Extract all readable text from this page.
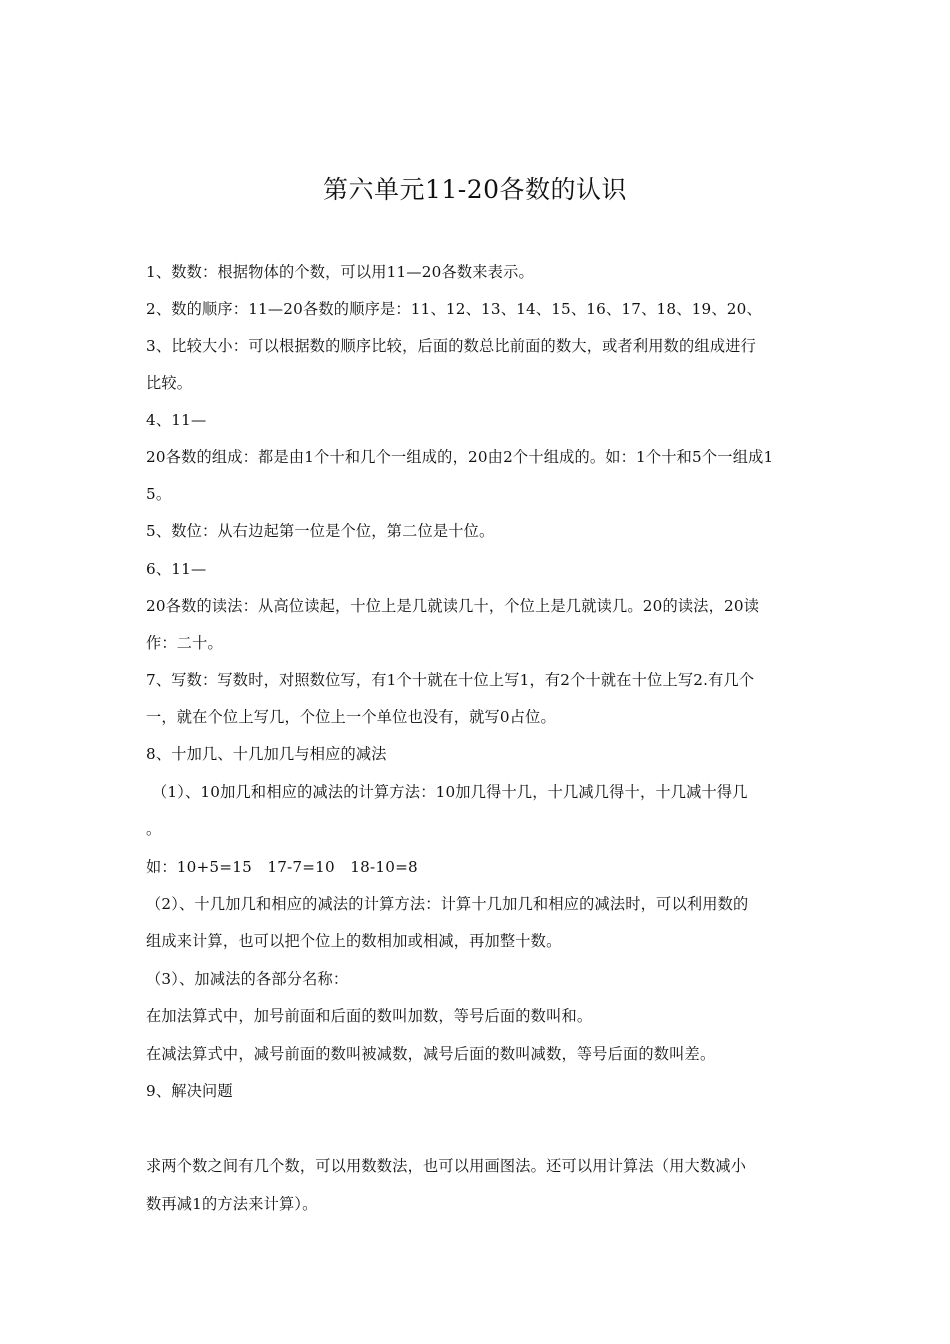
第六单元11-20各数的认识
1、数数：根据物体的个数，可以用11—20各数来表示。
2、数的顺序：11—20各数的顺序是：11、12、13、14、15、16、17、18、19、20、
3、比较大小：可以根据数的顺序比较，后面的数总比前面的数大，或者利用数的组成进行
比较。
4、11—
20各数的组成：都是由1个十和几个一组成的，20由2个十组成的。如：1个十和5个一组成1
5。
5、数位：从右边起第一位是个位，第二位是十位。
6、11—
20各数的读法：从高位读起，十位上是几就读几十，个位上是几就读几。20的读法，20读
作：二十。
7、写数：写数时，对照数位写，有1个十就在十位上写1，有2个十就在十位上写2.有几个
一，就在个位上写几，个位上一个单位也没有，就写0占位。
8、十加几、十几加几与相应的减法
（1）、10加几和相应的减法的计算方法：10加几得十几，十几减几得十，十几减十得几
。
如：10+5=15　17-7=10　18-10=8
（2）、十几加几和相应的减法的计算方法：计算十几加几和相应的减法时，可以利用数的
组成来计算，也可以把个位上的数相加或相减，再加整十数。
（3）、加减法的各部分名称：
在加法算式中，加号前面和后面的数叫加数，等号后面的数叫和。
在减法算式中，减号前面的数叫被减数，减号后面的数叫减数，等号后面的数叫差。
9、解决问题
求两个数之间有几个数，可以用数数法，也可以用画图法。还可以用计算法（用大数减小
数再减1的方法来计算）。
